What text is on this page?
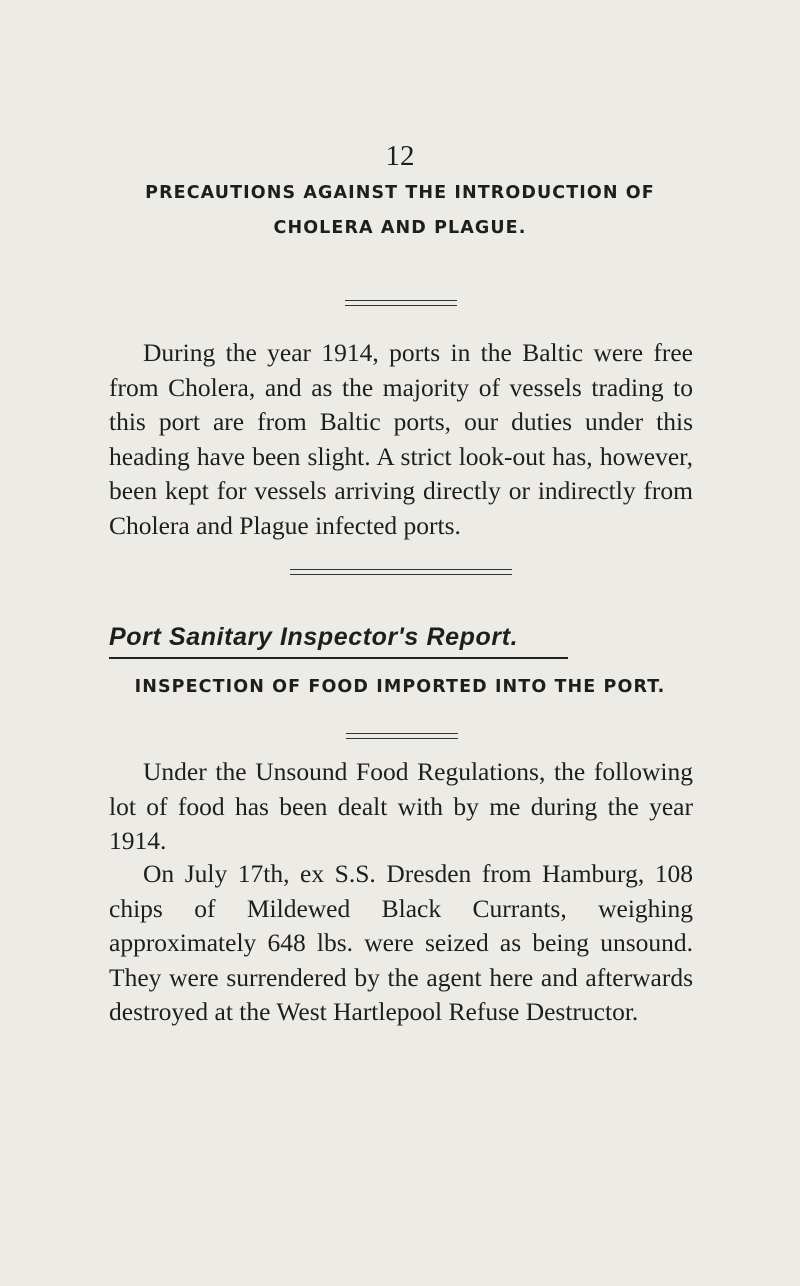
12
PRECAUTIONS AGAINST THE INTRODUCTION OF
CHOLERA AND PLAGUE.

During the year 1914, ports in the Baltic were free from Cholera, and as the majority of vessels trading to this port are from Baltic ports, our duties under this heading have been slight. A strict look-out has, however, been kept for vessels arriving directly or indirectly from Cholera and Plague infected ports.

Port Sanitary Inspector's Report.
INSPECTION OF FOOD IMPORTED INTO THE PORT.

Under the Unsound Food Regulations, the following lot of food has been dealt with by me during the year 1914.

On July 17th, ex S.S. Dresden from Hamburg, 108 chips of Mildewed Black Currants, weighing approximately 648 lbs. were seized as being unsound. They were surrendered by the agent here and afterwards destroyed at the West Hartlepool Refuse Destructor.
